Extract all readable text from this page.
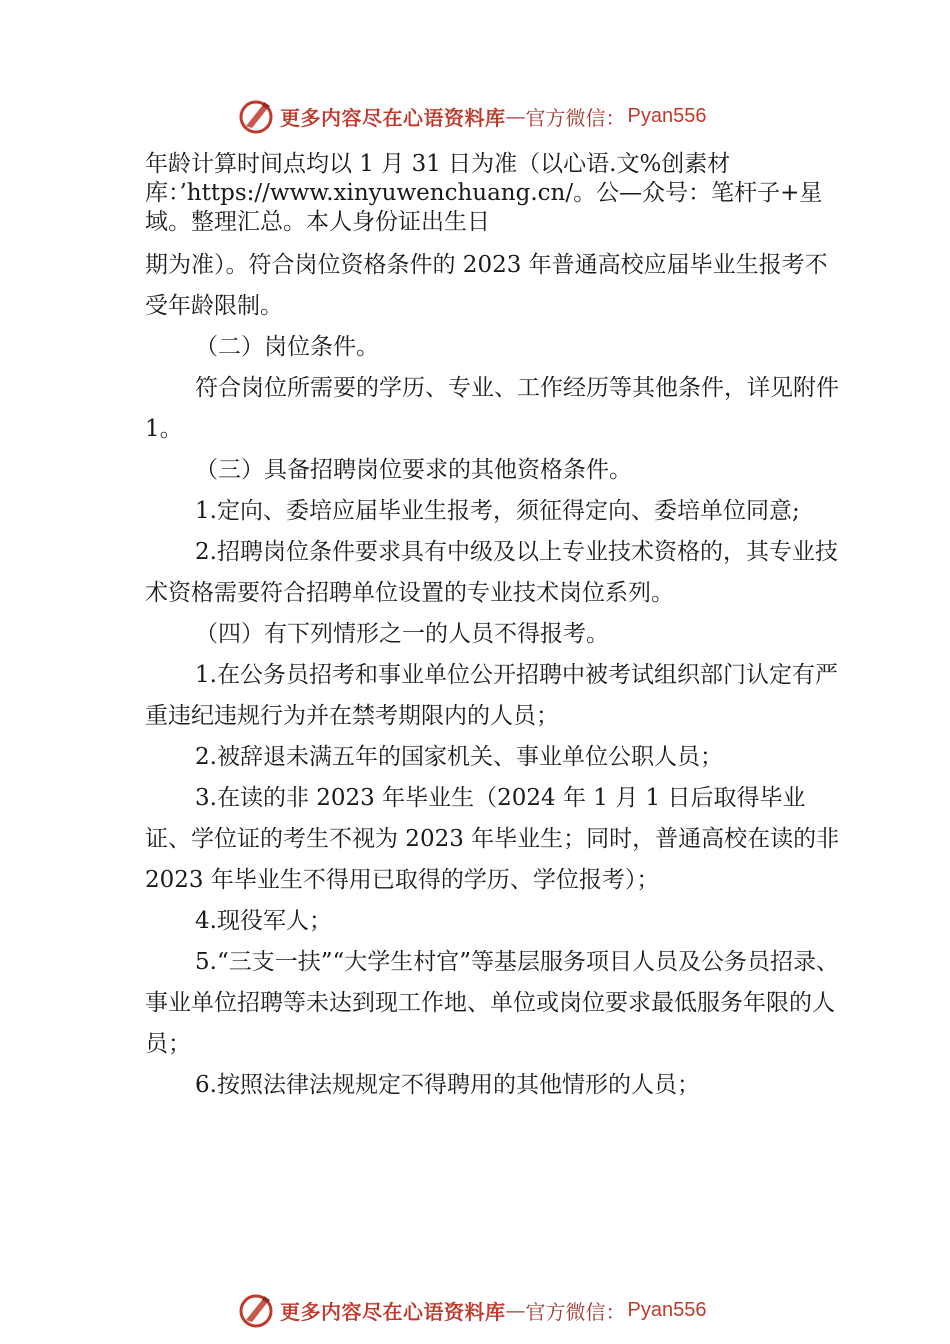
更多内容尽在心语资料库 — 官方微信： Pyan556

年龄计算时间点均以 1 月 31 日为准（以心语.文%创素材库：’https://www.xinyuwenchuang.cn/。公—众号：笔杆子+星域。整理汇总。本人身份证出生日

期为准）。符合岗位资格条件的 2023 年普通高校应届毕业生报考不受年龄限制。

（二）岗位条件。

符合岗位所需要的学历、专业、工作经历等其他条件，详见附件 1。

（三）具备招聘岗位要求的其他资格条件。

1.定向、委培应届毕业生报考，须征得定向、委培单位同意;

2.招聘岗位条件要求具有中级及以上专业技术资格的，其专业技术资格需要符合招聘单位设置的专业技术岗位系列。

（四）有下列情形之一的人员不得报考。

1.在公务员招考和事业单位公开招聘中被考试组织部门认定有严重违纪违规行为并在禁考期限内的人员；

2.被辞退未满五年的国家机关、事业单位公职人员；

3.在读的非 2023 年毕业生（2024 年 1 月 1 日后取得毕业证、学位证的考生不视为 2023 年毕业生；同时，普通高校在读的非 2023 年毕业生不得用已取得的学历、学位报考）；

4.现役军人；

5.“三支一扶”“大学生村官”等基层服务项目人员及公务员招录、事业单位招聘等未达到现工作地、单位或岗位要求最低服务年限的人员；

6.按照法律法规规定不得聘用的其他情形的人员；

更多内容尽在心语资料库 — 官方微信： Pyan556
